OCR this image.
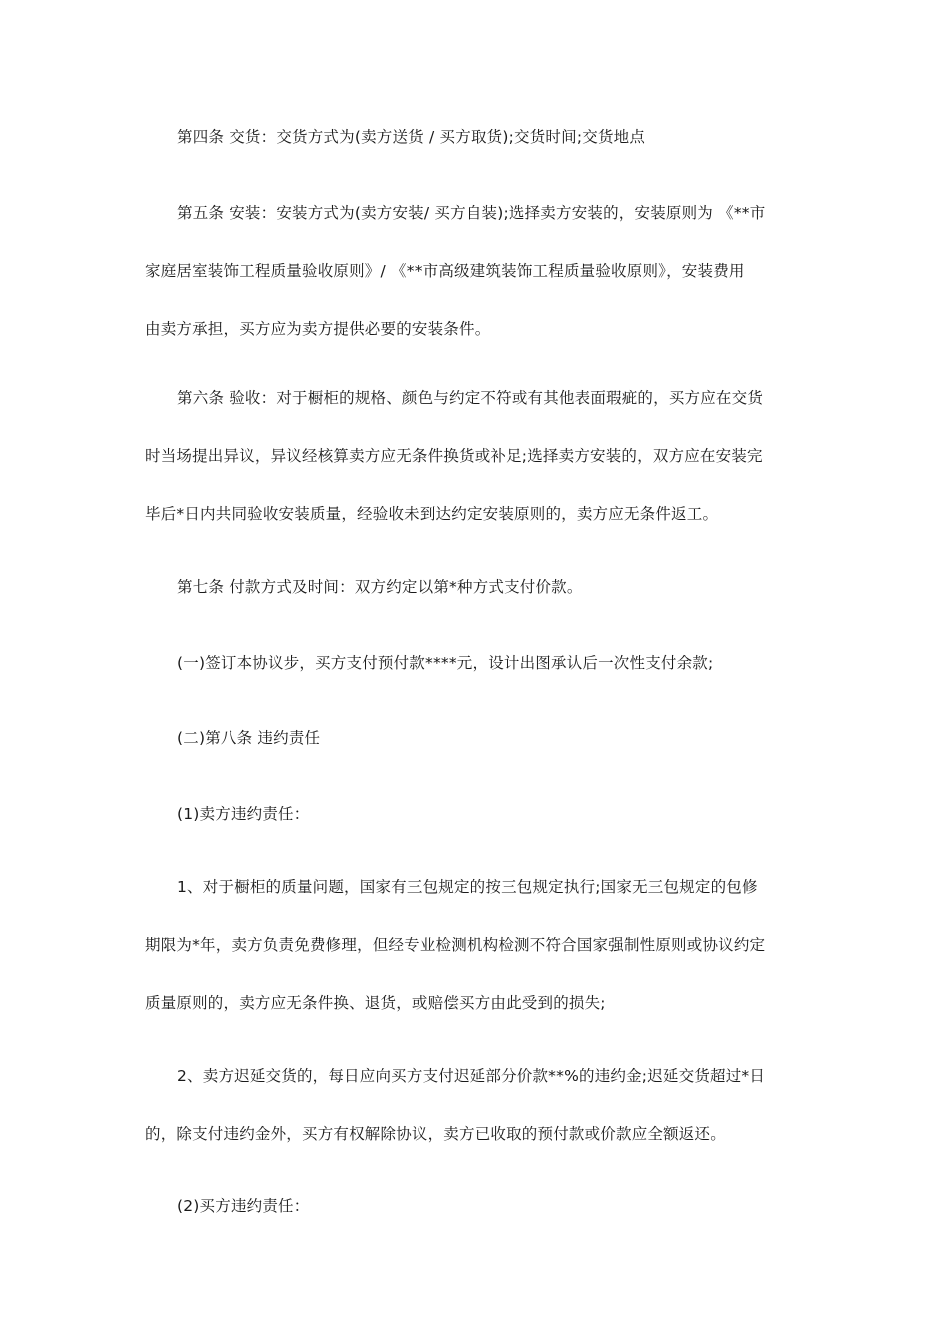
第四条 交货：交货方式为(卖方送货 / 买方取货);交货时间;交货地点

第五条 安装：安装方式为(卖方安装/ 买方自装);选择卖方安装的，安装原则为 《**市
家庭居室装饰工程质量验收原则》/ 《**市高级建筑装饰工程质量验收原则》，安装费用
由卖方承担，买方应为卖方提供必要的安装条件。

第六条 验收：对于橱柜的规格、颜色与约定不符或有其他表面瑕疵的，买方应在交货
时当场提出异议，异议经核算卖方应无条件换货或补足;选择卖方安装的，双方应在安装完
毕后*日内共同验收安装质量，经验收未到达约定安装原则的，卖方应无条件返工。

第七条 付款方式及时间：双方约定以第*种方式支付价款。

(一)签订本协议步，买方支付预付款****元，设计出图承认后一次性支付余款;

(二)第八条 违约责任

(1)卖方违约责任：

1、对于橱柜的质量问题，国家有三包规定的按三包规定执行;国家无三包规定的包修
期限为*年，卖方负责免费修理，但经专业检测机构检测不符合国家强制性原则或协议约定
质量原则的，卖方应无条件换、退货，或赔偿买方由此受到的损失;

2、卖方迟延交货的，每日应向买方支付迟延部分价款**%的违约金;迟延交货超过*日
的，除支付违约金外，买方有权解除协议，卖方已收取的预付款或价款应全额返还。

(2)买方违约责任：
